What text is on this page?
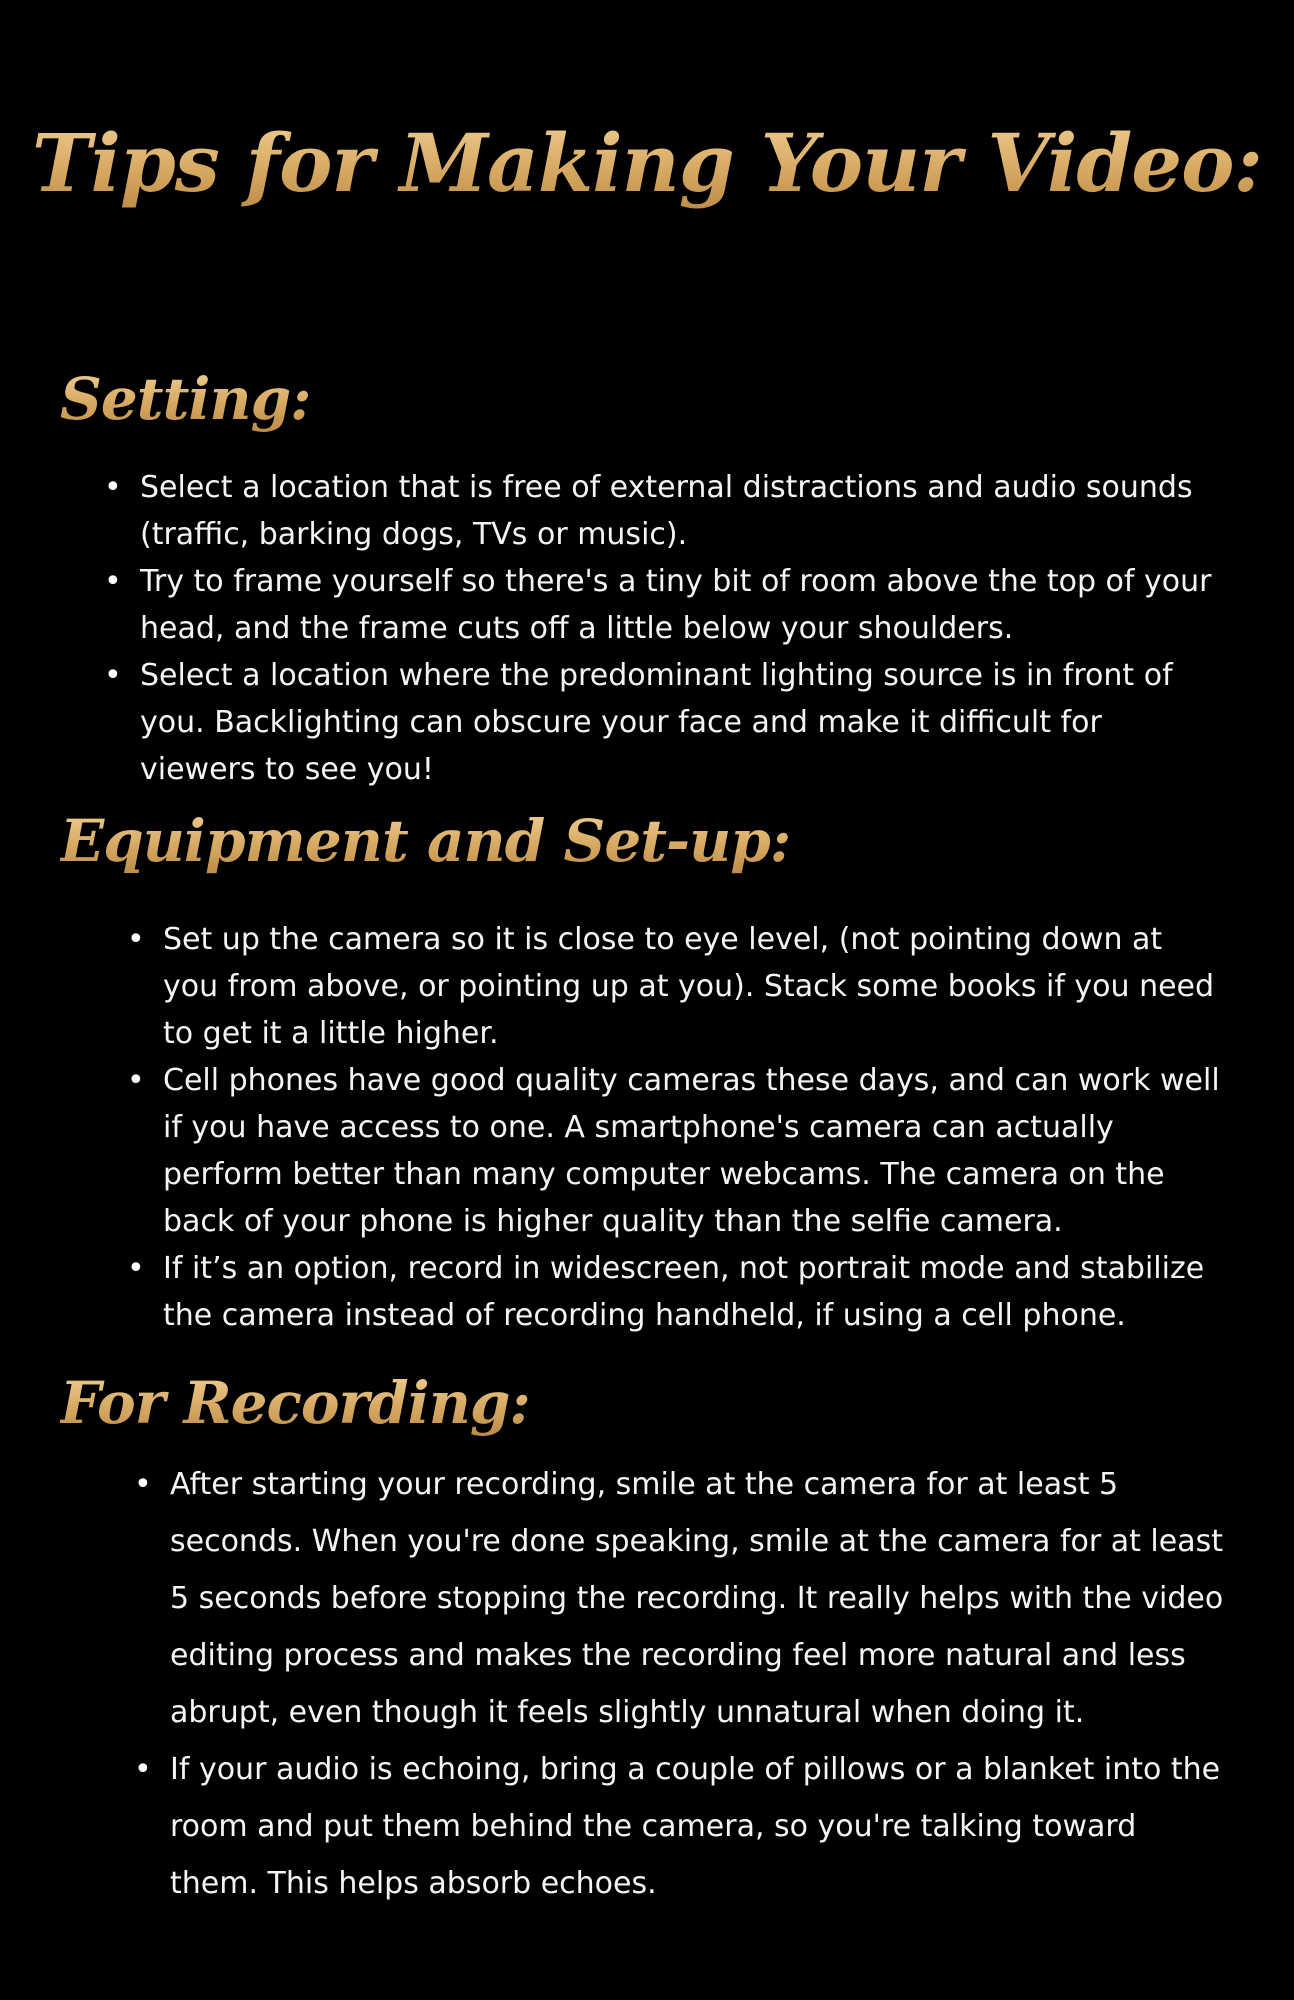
Tips for Making Your Video:
Setting:
• Select a location that is free of external distractions and audio sounds (traffic, barking dogs, TVs or music).
• Try to frame yourself so there's a tiny bit of room above the top of your head, and the frame cuts off a little below your shoulders.
• Select a location where the predominant lighting source is in front of you. Backlighting can obscure your face and make it difficult for viewers to see you!
Equipment and Set-up:
• Set up the camera so it is close to eye level, (not pointing down at you from above, or pointing up at you). Stack some books if you need to get it a little higher.
• Cell phones have good quality cameras these days, and can work well if you have access to one. A smartphone's camera can actually perform better than many computer webcams. The camera on the back of your phone is higher quality than the selfie camera.
• If it’s an option, record in widescreen, not portrait mode and stabilize the camera instead of recording handheld, if using a cell phone.
For Recording:
• After starting your recording, smile at the camera for at least 5 seconds. When you're done speaking, smile at the camera for at least 5 seconds before stopping the recording. It really helps with the video editing process and makes the recording feel more natural and less abrupt, even though it feels slightly unnatural when doing it.
• If your audio is echoing, bring a couple of pillows or a blanket into the room and put them behind the camera, so you're talking toward them. This helps absorb echoes.
